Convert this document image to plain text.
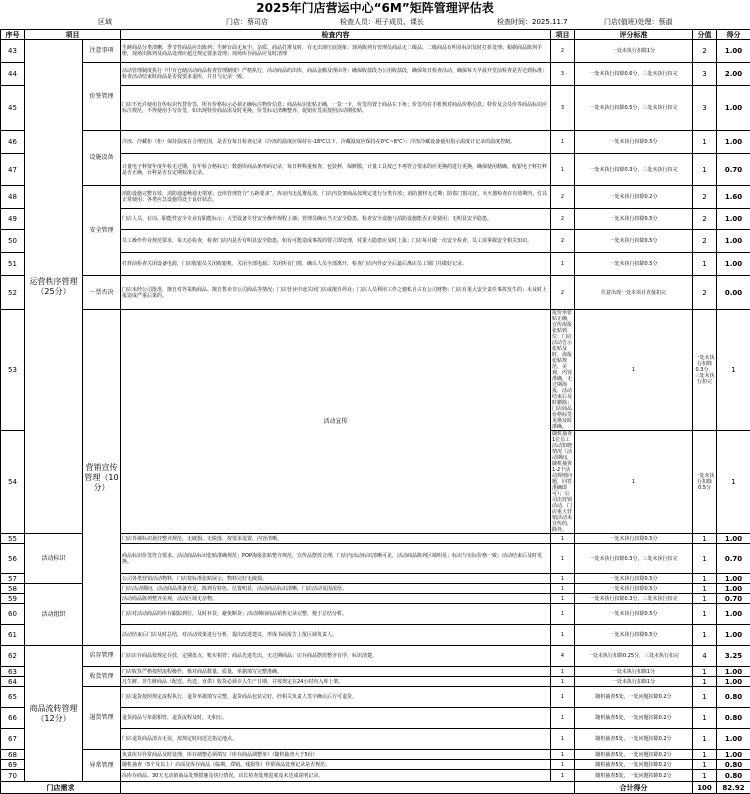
2025年门店营运中心“6M”矩阵管理评估表
区域	门店：蔡司店	检查人员：班子成员、课长	检查时间：2025.11.7	门店(值班)处理：蔡淑
序号	项目		检查内容	项目	评分标准	分值	得分	
43	运营秩序管理（25分）	注意事项	生鲜商品分类清晰，季节性商品应出陈列；生鲜台面无灰尘、杂质、商品打堆及时，有无出现压底现象；现场陈列有管理员商品无二级品、二级商品有明显标识及时打折处理；根据商品陈列手册，现场出陈列及商品处理应超过规定要求处理；现场库存商品应及时清理	2	一处未执行扣除1分	2	1.00	
44		价签管理	活动管理制度执行《中百仓储活动商品检查管理制度》严格执行，活动商品的出库，商品金额及理由等；确保收款段为公用收款段，确保每日检查活动，确保每天早晨开堂前检查是否达到标准；检查活动结束时商品是否按要求退库，并且与记录一致。	3	一处未执行扣除0.6分，三处未执行扣完	3	2.00	
45			门店不允许使用自传标识代替价签，所有价格标示必须正确标注物价信息；商品标识张贴正确，一货一卡，价签均置于商品左下角；价签均在手机核对商品价格信息；特价及会员价等商品标识应标注规范，不得使用手写价签，如出现特价商品需及时更换。价签标记清晰整齐，促销价签需按照活动期张贴。	3	一处未执行扣除0.5分，三处未执行扣完	3	1.00	
46		设施设备	冷冻、冷藏柜（柜）保持温度在合理范围，是否有每日检查记录（冷冻的温度应保持在-18℃以下，冷藏温度应保持在0℃~8℃）；冷冻冷藏设备使用指示温度计记录的温度控制。	1	一处未执行扣除0.5分	1	1.00	
47			计量电子秤按年度年检无过期，有年检合格标记；数据库商品条形码记录，每日秤称重核查，包装秤、保鲜膜、计量工具按已不再符合要求的应更换的进行更换，确保使用精确。收银电子秤打秤是否正确，台秤是否有定期校准记录。	1	一处未执行扣除0.3分，三处未执行扣完	1	0.70	
48		安全管理	消防设施完整有效，消防通道畅通无堵塞；仓库管理符合“五距要求”，库房内无乱堆乱放，门店内货架商品按规定进行分类存放；消防器材无过期；防盗门窗完好，灭火器检查在有效期内，灯具正常使用；各类应急设施均处于良好状态。	2	一处未执行扣除0.2分	2	1.60	
49			门店人员、在岗、职能性安全专业有职能标示；大型设备专营安全操作规程上墙；管理员确认当天安全隐患，检查安全设施与消防设施能否正常使用；无明显安全隐患。	2	一处未执行扣除0.5分	2	1.00	
50			员工操作作业规范要求，每天必检查，检查门店内是否有明显安全隐患，如有可能造成事故的要立即处理，对重大隐患应及时上报；门店每月做一次安全检查，员工需掌握安全相关知识。	2	一处未执行扣除0.5分	2	1.00	
51			打烊前检查关闭设备电源，门店收银员关闭收银机，关闭全部电源；关闭所有门窗，确认人员全部离开，检查门店内外安全后最后离店员工锁门并做好记录。	1	一处未执行扣除0.5分	1	1.00	
52		一票否决	门店未经公司批准，擅自对外采购商品、擅自售卖非公司商品等情况；门店营业中途关闭门店或擅自停业；门店人员利用工作之便私自占有公司财物；门店有重大安全责任事故发生的；未及时上报造成严重后果的。	2	任意出现一处本项目直接扣完	2	0.00	
53		营销宣传管理（10分）	活动宣传	报价单张贴正确，宣传海报张贴到位；门店活动告示张贴及时，海报张贴规范、美观，内容准确，无过期海报，活动结束后及时撤除；门店商品价格标签更换及时准确。	1	一处未执行扣除0.3分，三处未执行扣完	1	
54				随机抽查1位员工活动知晓情况（活动期间，随机抽查1-2个活动规则问题，回答准确即可）；公司出营销活动，门店重大营销活动未宣传的，除外。	1	一处未执行扣除0.5分	1	
55	活动标识		门店外墙标识悬挂整齐规范，无破损、无脱落，按要求设置，内容清晰。	1	一处未执行扣除0.5分	1	1.00	
56			商品标识价签符合要求、活动商品标识张贴准确规范；POP海报张贴整齐规范，宣传品摆放合理，门店内活动标识清晰可见，活动商品陈列区域明显；标识与实际价格一致；活动结束后及时更换。	1	一处未执行扣除0.3分，三处未执行扣完	1	0.70	
57			公司各类营销活动物料，门店按标准张贴展示，物料完好无破损。	1	一处未执行扣除0.5分	1	1.00	
58	活动组织		门店活动期间，活动商品准备充足，陈列有特色，位置明显，活动商品标识清晰，门店活动氛围浓厚。	1	一处未执行扣除0.5分	1	1.00	
59			活动商品陈列整齐美观，活动区域无杂物。	1	一处未执行扣除0.3分，三处未执行扣完	1	0.70	
60			门店对活动商品的库存跟踪到位，及时补货，避免断货；活动期间商品销售记录完整，便于总结分析。	1	一处未执行扣除0.5分	1	1.00	
61			活动结束后门店及时总结，对活动效果进行分析，提出改进建议，形成书面报告上报区域负责人。	1	一处未执行扣除0.5分	1	1.00	
62	商品流转管理（12分）	店存管理	门店店存商品按规定存放，定期盘点，账实相符；商品先进先出，无过期商品；店存商品摆放整齐有序，标识清楚。	4	一处未执行扣除0.25分，三处未执行扣完	4	3.25	
63		收货管理	门店收货严格按照流程操作，核对商品数量、质量，单据填写完整准确。	1	一处未执行扣除1分	1	1.00	
64			凡生鲜、非生鲜商品（配送、代送、直供）收货必须专人生产日期，并按规定在24小时内入库上架。	1	一处未执行扣除1分	1	1.00	
65		退货管理	门店退货按照规定流程执行，退货单据填写完整，退货商品包装完好，经相关负责人签字确认后方可退货。	1	随机抽查5处，一处问题扣除0.2分	1	0.80	
66			退货商品与单据相符，退货流程及时，无积压。	1	随机抽查5处，一处问题扣除0.2分	1	0.80	
67			门店退货商品清点无误，按规定时间送达指定地点。	1	随机抽查5处，一处问题扣除0.2分	1	1.00	
68		异常管理	负责库存异常商品及时处理，库存调整必须填写《库存商品调整单》（随机抽查大于5份）	1	随机抽查5处，一处问题扣除0.2分	1	1.00	
69			随机抽查（5个及以上）店面及库存商品（临期、滞销、残损等）异常商品处理记录是否规范。	1	随机抽查5处，一处问题扣除0.2分	1	0.80	
70			高库存商品、30天无动销商品处理措施及执行情况，店长检查处理进度及未达成说明记录。	1	随机抽查5处，一处问题扣除0.2分	1	0.80	
门店需求					合计得分	100	82.92	
